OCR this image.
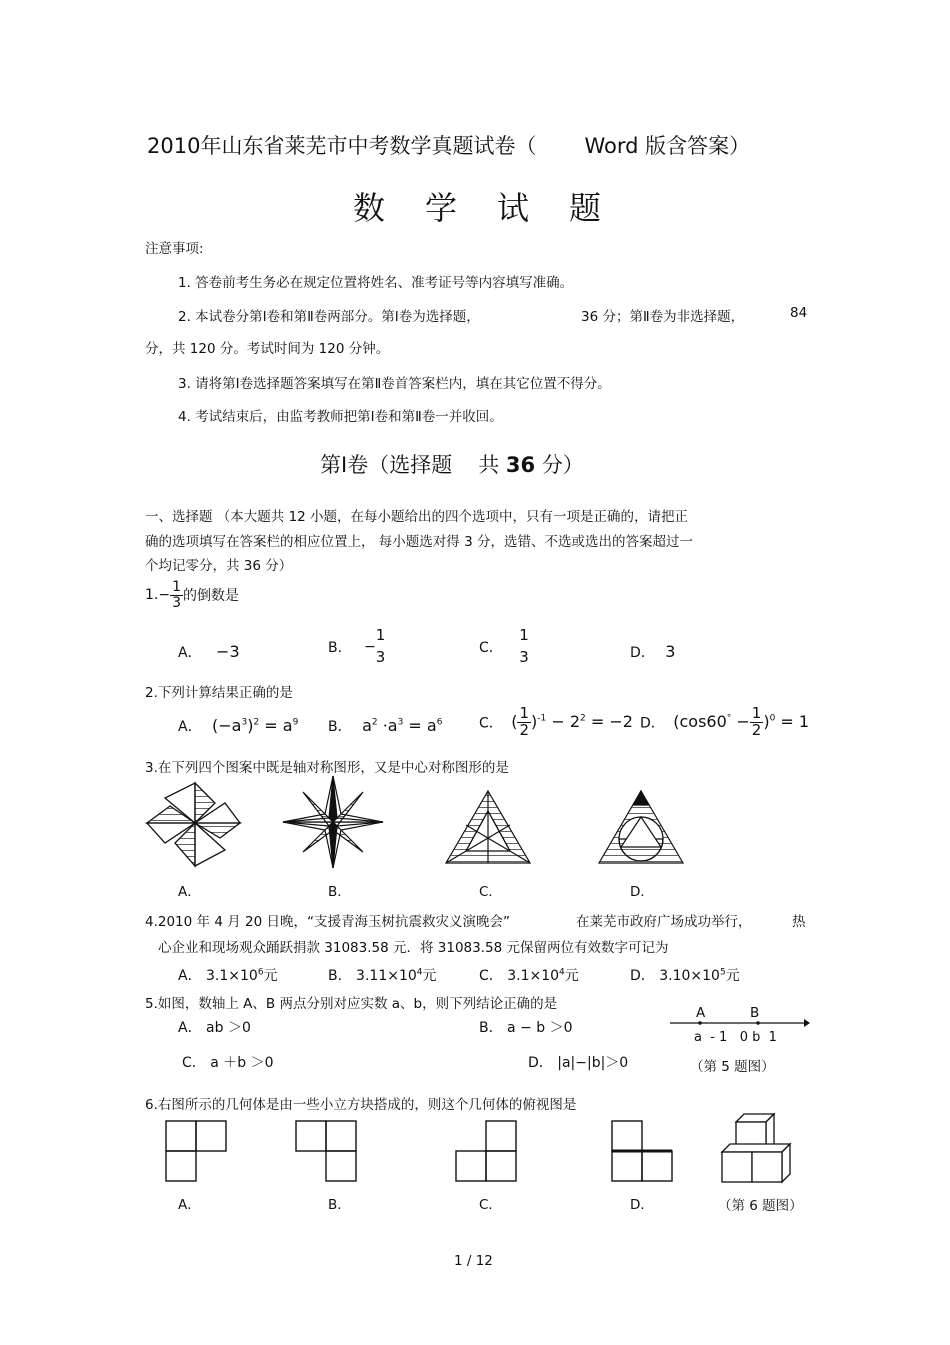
2010年山东省莱芜市中考数学真题试卷（ Word 版含答案）
数　学　试　题
注意事项:
1. 答卷前考生务必在规定位置将姓名、准考证号等内容填写准确。
2. 本试卷分第Ⅰ卷和第Ⅱ卷两部分。第Ⅰ卷为选择题，	36 分；第Ⅱ卷为非选择题，	84
分，共 120 分。考试时间为 120 分钟。
3. 请将第Ⅰ卷选择题答案填写在第Ⅱ卷首答案栏内，填在其它位置不得分。
4. 考试结束后，由监考教师把第Ⅰ卷和第Ⅱ卷一并收回。
第Ⅰ卷（选择题 共 36 分）
一、选择题 （本大题共 12 小题，在每小题给出的四个选项中，只有一项是正确的，请把正
确的选项填写在答案栏的相应位置上， 每小题选对得 3 分，选错、不选或选出的答案超过一
个均记零分，共 36 分）
$1.- \frac{1}{3}$ 的倒数是
A． −3	B． −
1
3	C．
1
3	D． 3
2.下列计算结果正确的是
A． $(-a^3)^2 = a^9$ B． $a^2 \cdot a^3 = a^6$	C． ( $\frac{1}{2} )^{-1} - 2^2 = -2$ D． $(\cos 60^\circ - \frac{1}{2} )^0 = 1$
3.在下列四个图案中既是轴对称图形，又是中心对称图形的是
A．	B．	C．	D．
4.2010 年 4 月 20 日晚，“支援青海玉树抗震救灾义演晚会”	在莱芜市政府广场成功举行，	热
心企业和现场观众踊跃捐款 31083.58 元．将 31083.58 元保留两位有效数字可记为
A． $3.1\times 10^6$元	B． $3.11\times 10^4$元	C． $3.1\times 10^4$元	D． $3.10\times 10^5$元
5.如图，数轴上 A、B 两点分别对应实数 a、b，则下列结论正确的是
A． ab ＞0	B． a − b ＞0
C． a ＋b ＞0	D． |a|−|b|＞0
A	B
a  - 1   0 b  1
（第 5 题图）
6.右图所示的几何体是由一些小立方块搭成的，则这个几何体的俯视图是
A．	B．	C．	D．	（第 6 题图）
1 / 12
